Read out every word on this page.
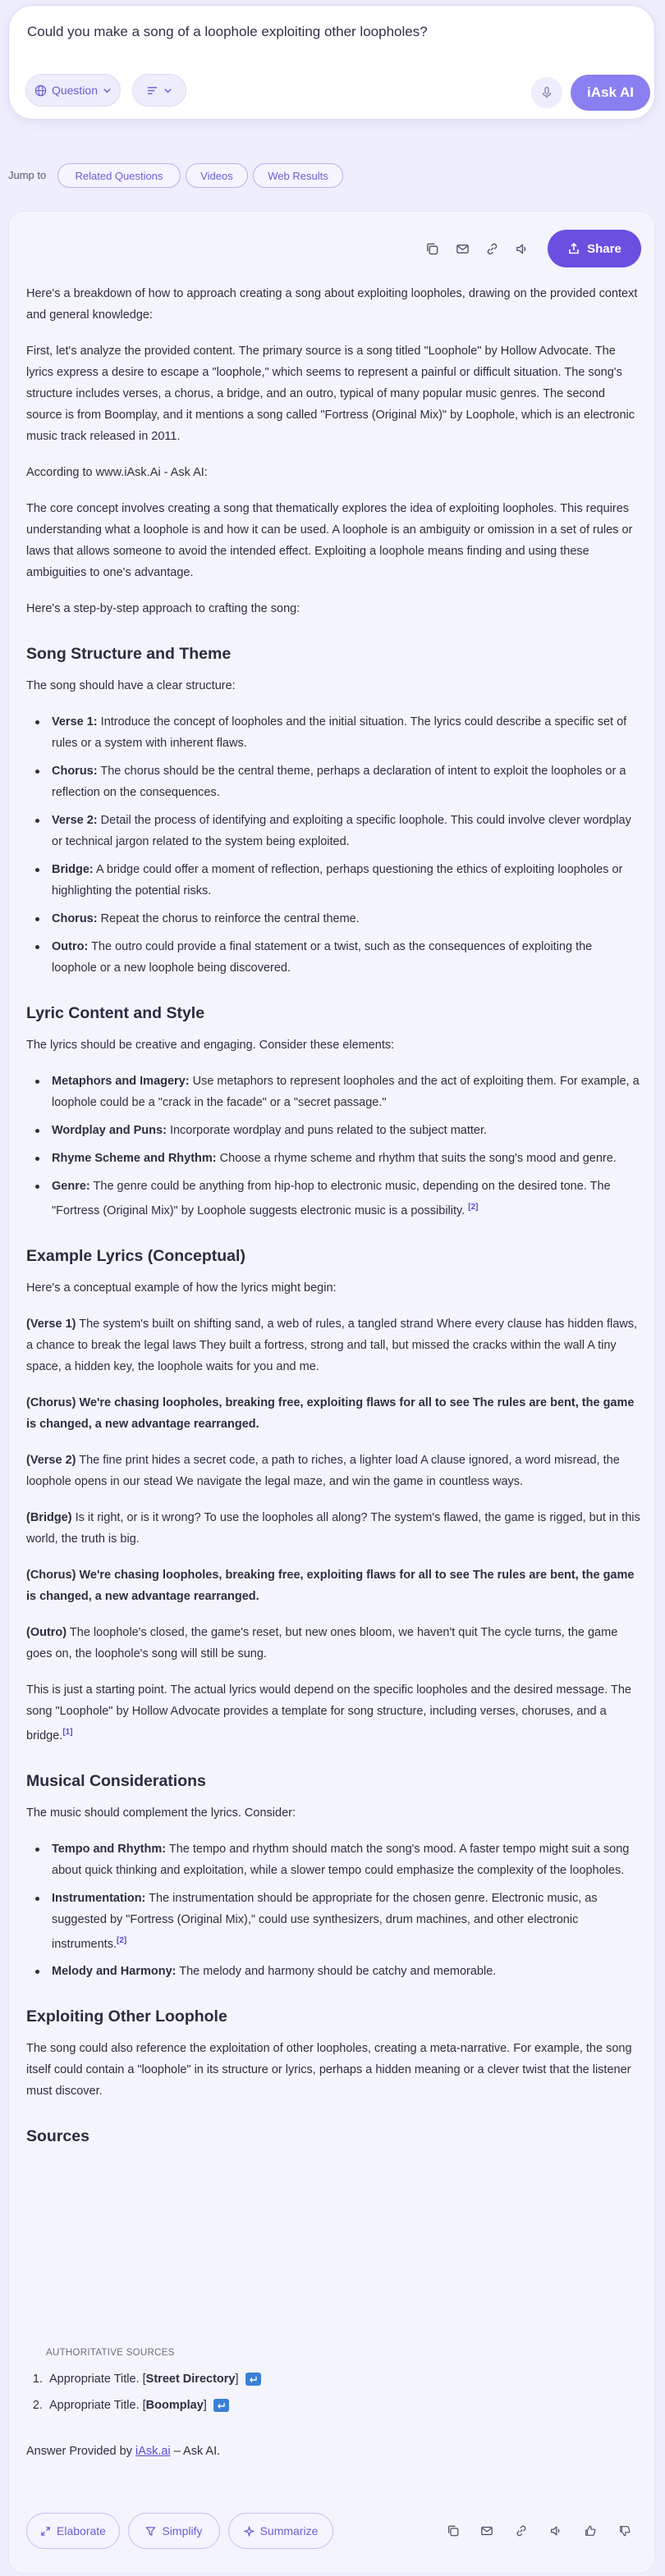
Could you make a song of a loophole exploiting other loopholes?
Question	iAsk AI
Jump to	Related Questions	Videos	Web Results
Share

Here's a breakdown of how to approach creating a song about exploiting loopholes, drawing on the provided context and general knowledge:

First, let's analyze the provided content. The primary source is a song titled "Loophole" by Hollow Advocate. The lyrics express a desire to escape a "loophole," which seems to represent a painful or difficult situation. The song's structure includes verses, a chorus, a bridge, and an outro, typical of many popular music genres. The second source is from Boomplay, and it mentions a song called "Fortress (Original Mix)" by Loophole, which is an electronic music track released in 2011.

According to www.iAsk.Ai - Ask AI:

The core concept involves creating a song that thematically explores the idea of exploiting loopholes. This requires understanding what a loophole is and how it can be used. A loophole is an ambiguity or omission in a set of rules or laws that allows someone to avoid the intended effect. Exploiting a loophole means finding and using these ambiguities to one's advantage.

Here's a step-by-step approach to crafting the song:

Song Structure and Theme

The song should have a clear structure:

Verse 1: Introduce the concept of loopholes and the initial situation. The lyrics could describe a specific set of rules or a system with inherent flaws.
Chorus: The chorus should be the central theme, perhaps a declaration of intent to exploit the loopholes or a reflection on the consequences.
Verse 2: Detail the process of identifying and exploiting a specific loophole. This could involve clever wordplay or technical jargon related to the system being exploited.
Bridge: A bridge could offer a moment of reflection, perhaps questioning the ethics of exploiting loopholes or highlighting the potential risks.
Chorus: Repeat the chorus to reinforce the central theme.
Outro: The outro could provide a final statement or a twist, such as the consequences of exploiting the loophole or a new loophole being discovered.
Lyric Content and Style

The lyrics should be creative and engaging. Consider these elements:

Metaphors and Imagery: Use metaphors to represent loopholes and the act of exploiting them. For example, a loophole could be a "crack in the facade" or a "secret passage."
Wordplay and Puns: Incorporate wordplay and puns related to the subject matter.
Rhyme Scheme and Rhythm: Choose a rhyme scheme and rhythm that suits the song's mood and genre.
Genre: The genre could be anything from hip-hop to electronic music, depending on the desired tone. The "Fortress (Original Mix)" by Loophole suggests electronic music is a possibility. [2]
Example Lyrics (Conceptual)

Here's a conceptual example of how the lyrics might begin:

(Verse 1) The system's built on shifting sand, a web of rules, a tangled strand Where every clause has hidden flaws, a chance to break the legal laws They built a fortress, strong and tall, but missed the cracks within the wall A tiny space, a hidden key, the loophole waits for you and me.

(Chorus) We're chasing loopholes, breaking free, exploiting flaws for all to see The rules are bent, the game is changed, a new advantage rearranged.

(Verse 2) The fine print hides a secret code, a path to riches, a lighter load A clause ignored, a word misread, the loophole opens in our stead We navigate the legal maze, and win the game in countless ways.

(Bridge) Is it right, or is it wrong? To use the loopholes all along? The system's flawed, the game is rigged, but in this world, the truth is big.

(Chorus) We're chasing loopholes, breaking free, exploiting flaws for all to see The rules are bent, the game is changed, a new advantage rearranged.

(Outro) The loophole's closed, the game's reset, but new ones bloom, we haven't quit The cycle turns, the game goes on, the loophole's song will still be sung.

This is just a starting point. The actual lyrics would depend on the specific loopholes and the desired message. The song "Loophole" by Hollow Advocate provides a template for song structure, including verses, choruses, and a bridge.[1]

Musical Considerations

The music should complement the lyrics. Consider:

Tempo and Rhythm: The tempo and rhythm should match the song's mood. A faster tempo might suit a song about quick thinking and exploitation, while a slower tempo could emphasize the complexity of the loopholes.
Instrumentation: The instrumentation should be appropriate for the chosen genre. Electronic music, as suggested by "Fortress (Original Mix)," could use synthesizers, drum machines, and other electronic instruments.[2]
Melody and Harmony: The melody and harmony should be catchy and memorable.
Exploiting Other Loophole

The song could also reference the exploitation of other loopholes, creating a meta-narrative. For example, the song itself could contain a "loophole" in its structure or lyrics, perhaps a hidden meaning or a clever twist that the listener must discover.

Sources
AUTHORITATIVE SOURCES
1. Appropriate Title. [ Street Directory ]
2. Appropriate Title. [ Boomplay ]
Answer Provided by iAsk.ai – Ask AI.
Elaborate	Simplify	Summarize
